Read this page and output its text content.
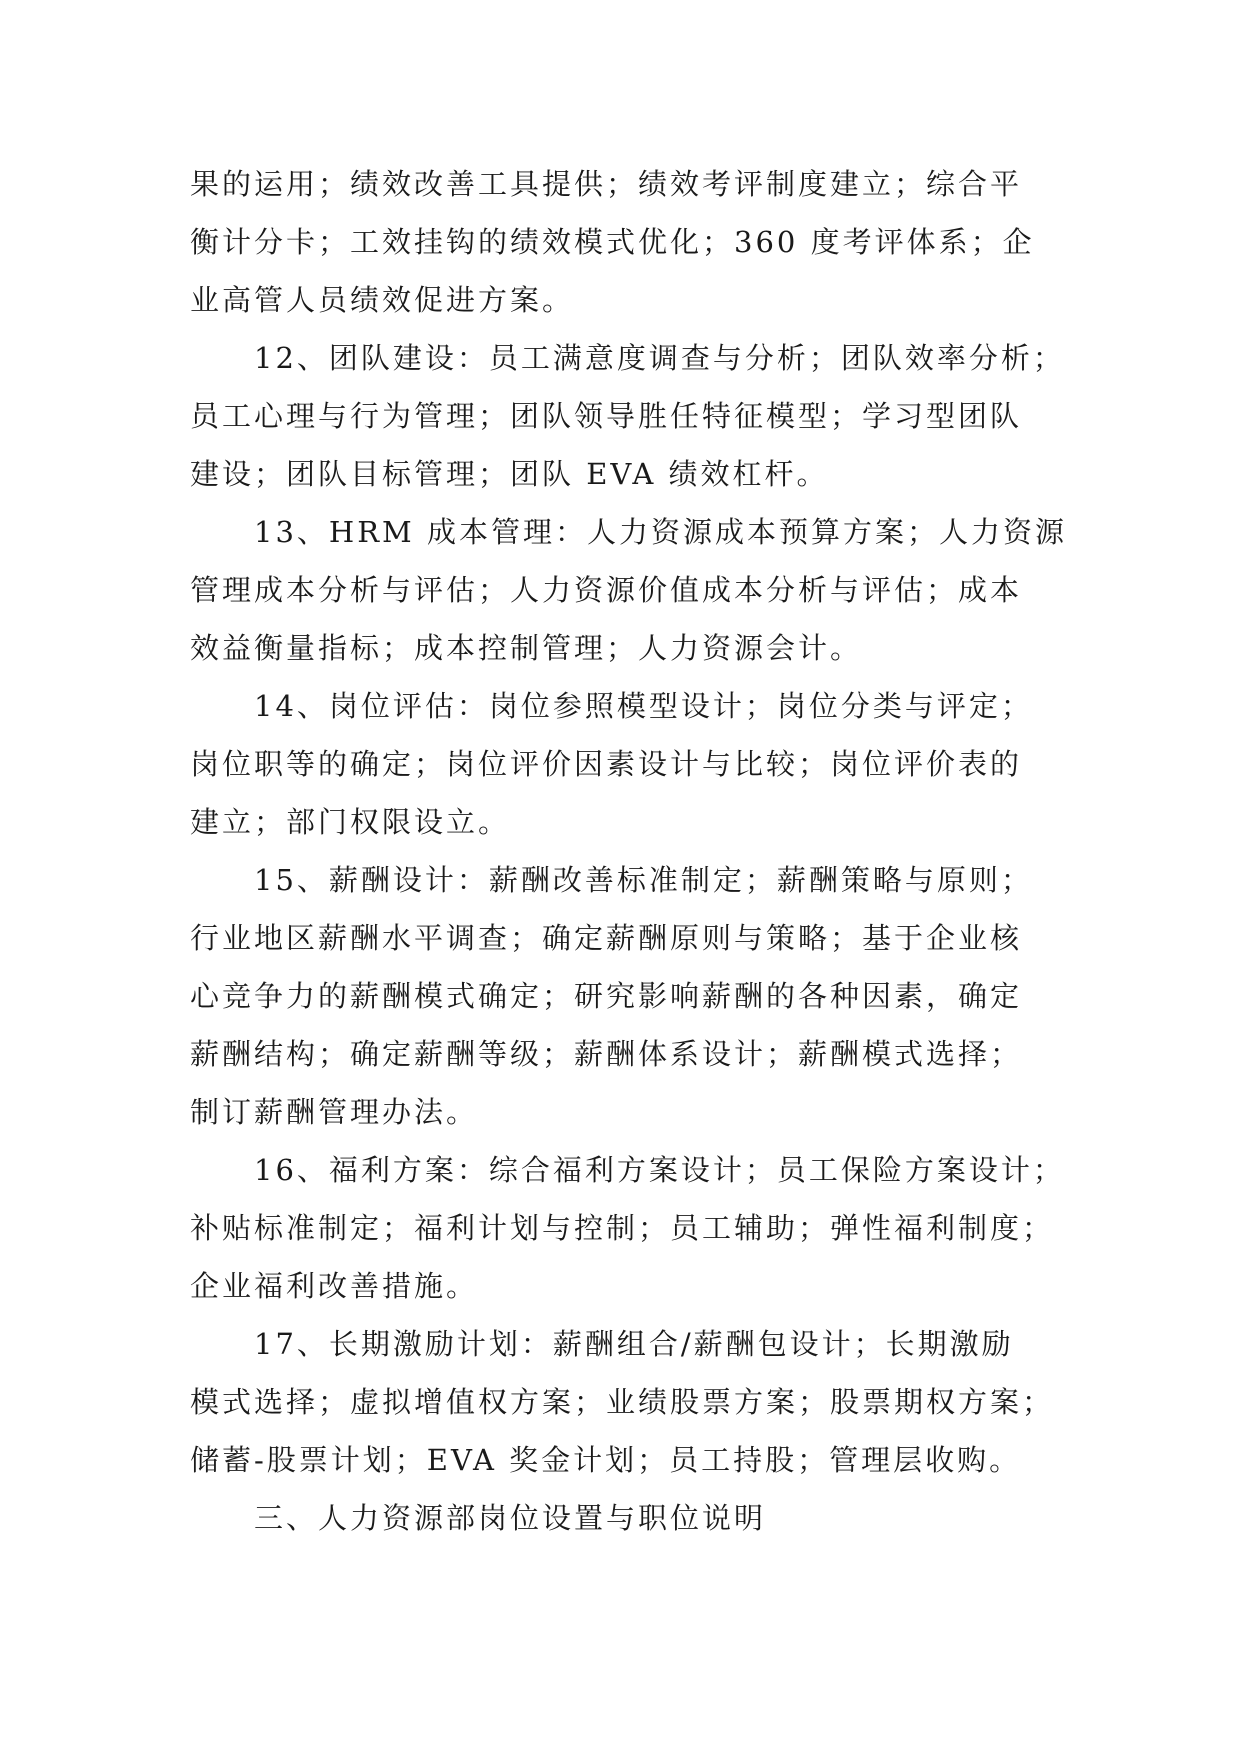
果的运用；绩效改善工具提供；绩效考评制度建立；综合平
衡计分卡；工效挂钩的绩效模式优化；360 度考评体系；企
业高管人员绩效促进方案。
12、团队建设：员工满意度调查与分析；团队效率分析；
员工心理与行为管理；团队领导胜任特征模型；学习型团队
建设；团队目标管理；团队 EVA 绩效杠杆。
13、HRM 成本管理：人力资源成本预算方案；人力资源
管理成本分析与评估；人力资源价值成本分析与评估；成本
效益衡量指标；成本控制管理；人力资源会计。
14、岗位评估：岗位参照模型设计；岗位分类与评定；
岗位职等的确定；岗位评价因素设计与比较；岗位评价表的
建立；部门权限设立。
15、薪酬设计：薪酬改善标准制定；薪酬策略与原则；
行业地区薪酬水平调查；确定薪酬原则与策略；基于企业核
心竞争力的薪酬模式确定；研究影响薪酬的各种因素，确定
薪酬结构；确定薪酬等级；薪酬体系设计；薪酬模式选择；
制订薪酬管理办法。
16、福利方案：综合福利方案设计；员工保险方案设计；
补贴标准制定；福利计划与控制；员工辅助；弹性福利制度；
企业福利改善措施。
17、长期激励计划：薪酬组合/薪酬包设计；长期激励
模式选择；虚拟增值权方案；业绩股票方案；股票期权方案；
储蓄-股票计划；EVA 奖金计划；员工持股；管理层收购。
三、人力资源部岗位设置与职位说明
